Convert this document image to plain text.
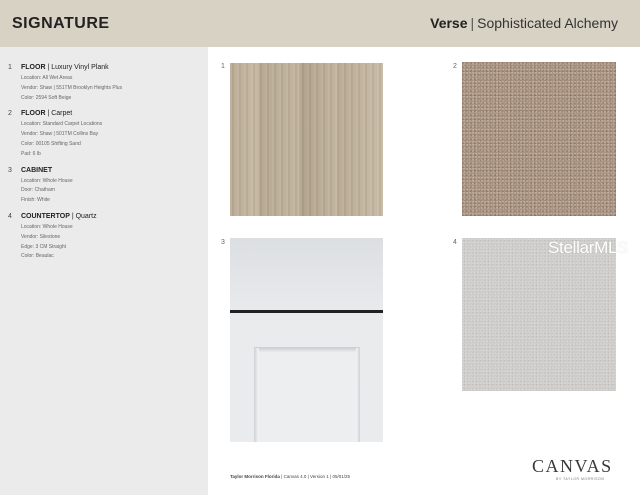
SIGNATURE	Verse | Sophisticated Alchemy
1	FLOOR | Luxury Vinyl Plank
Location: All Wet Areas
Vendor: Shaw | 551TM Brooklyn Heights Plus
Color: 2594 Soft Beige
2	FLOOR | Carpet
Location: Standard Carpet Locations
Vendor: Shaw | 501TM Collins Bay
Color: 00105 Shifting Sand
Pad: 6 lb
3	CABINET
Location: Whole House
Door: Chatham
Finish: White
4	COUNTERTOP | Quartz
Location: Whole House
Vendor: Silestone
Edge: 3 CM Straight
Color: Beaulac
1	2
3	4	StellarMLS
Taylor Morrison Florida | Canvas 4.0 | Version 1 | 05/01/25
CANVAS
BY TAYLOR MORRISON
